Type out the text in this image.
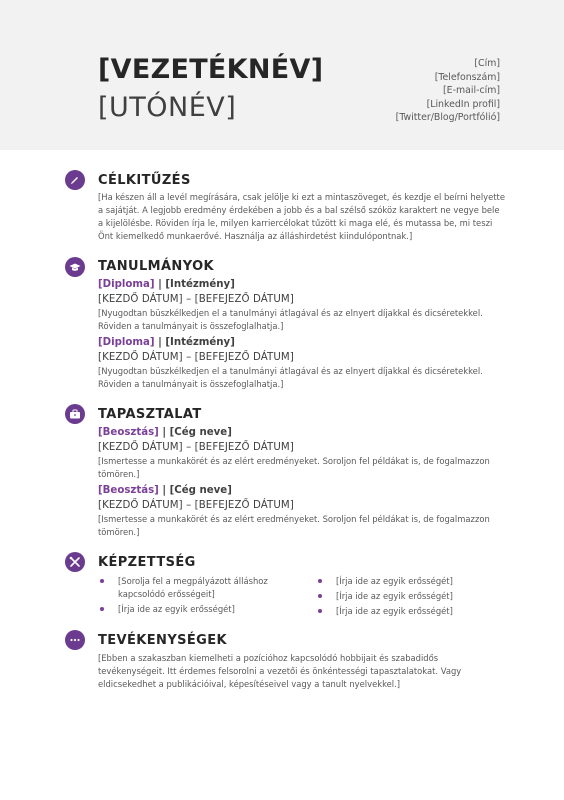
[VEZETÉKNÉV]
[UTÓNÉV]
[Cím]
[Telefonszám]
[E-mail-cím]
[LinkedIn profil]
[Twitter/Blog/Portfólió]
CÉLKITŰZÉS
[Ha készen áll a levél megírására, csak jelölje ki ezt a mintaszöveget, és kezdje el beírni helyette a sajátját. A legjobb eredmény érdekében a jobb és a bal szélső szóköz karaktert ne vegye bele a kijelölésbe. Röviden írja le, milyen karriercélokat tűzött ki maga elé, és mutassa be, mi teszi Önt kiemelkedő munkaerővé. Használja az álláshirdetést kiindulópontnak.]
TANULMÁNYOK
[Diploma] | [Intézmény]
[KEZDŐ DÁTUM] – [BEFEJEZŐ DÁTUM]
[Nyugodtan büszkélkedjen el a tanulmányi átlagával és az elnyert díjakkal és dicséretekkel. Röviden a tanulmányait is összefoglalhatja.]
[Diploma] | [Intézmény]
[KEZDŐ DÁTUM] – [BEFEJEZŐ DÁTUM]
[Nyugodtan büszkélkedjen el a tanulmányi átlagával és az elnyert díjakkal és dicséretekkel. Röviden a tanulmányait is összefoglalhatja.]
TAPASZTALAT
[Beosztás] | [Cég neve]
[KEZDŐ DÁTUM] – [BEFEJEZŐ DÁTUM]
[Ismertesse a munkakörét és az elért eredményeket. Soroljon fel példákat is, de fogalmazzon tömören.]
[Beosztás] | [Cég neve]
[KEZDŐ DÁTUM] – [BEFEJEZŐ DÁTUM]
[Ismertesse a munkakörét és az elért eredményeket. Soroljon fel példákat is, de fogalmazzon tömören.]
KÉPZETTSÉG
[Sorolja fel a megpályázott álláshoz kapcsolódó erősségeit]
[Írja ide az egyik erősségét]
[Írja ide az egyik erősségét]
[Írja ide az egyik erősségét]
[Írja ide az egyik erősségét]
TEVÉKENYSÉGEK
[Ebben a szakaszban kiemelheti a pozícióhoz kapcsolódó hobbijait és szabadidős tevékenységeit. Itt érdemes felsorolni a vezetői és önkéntességi tapasztalatokat. Vagy eldicsekedhet a publikációival, képesítéseivel vagy a tanult nyelvekkel.]
